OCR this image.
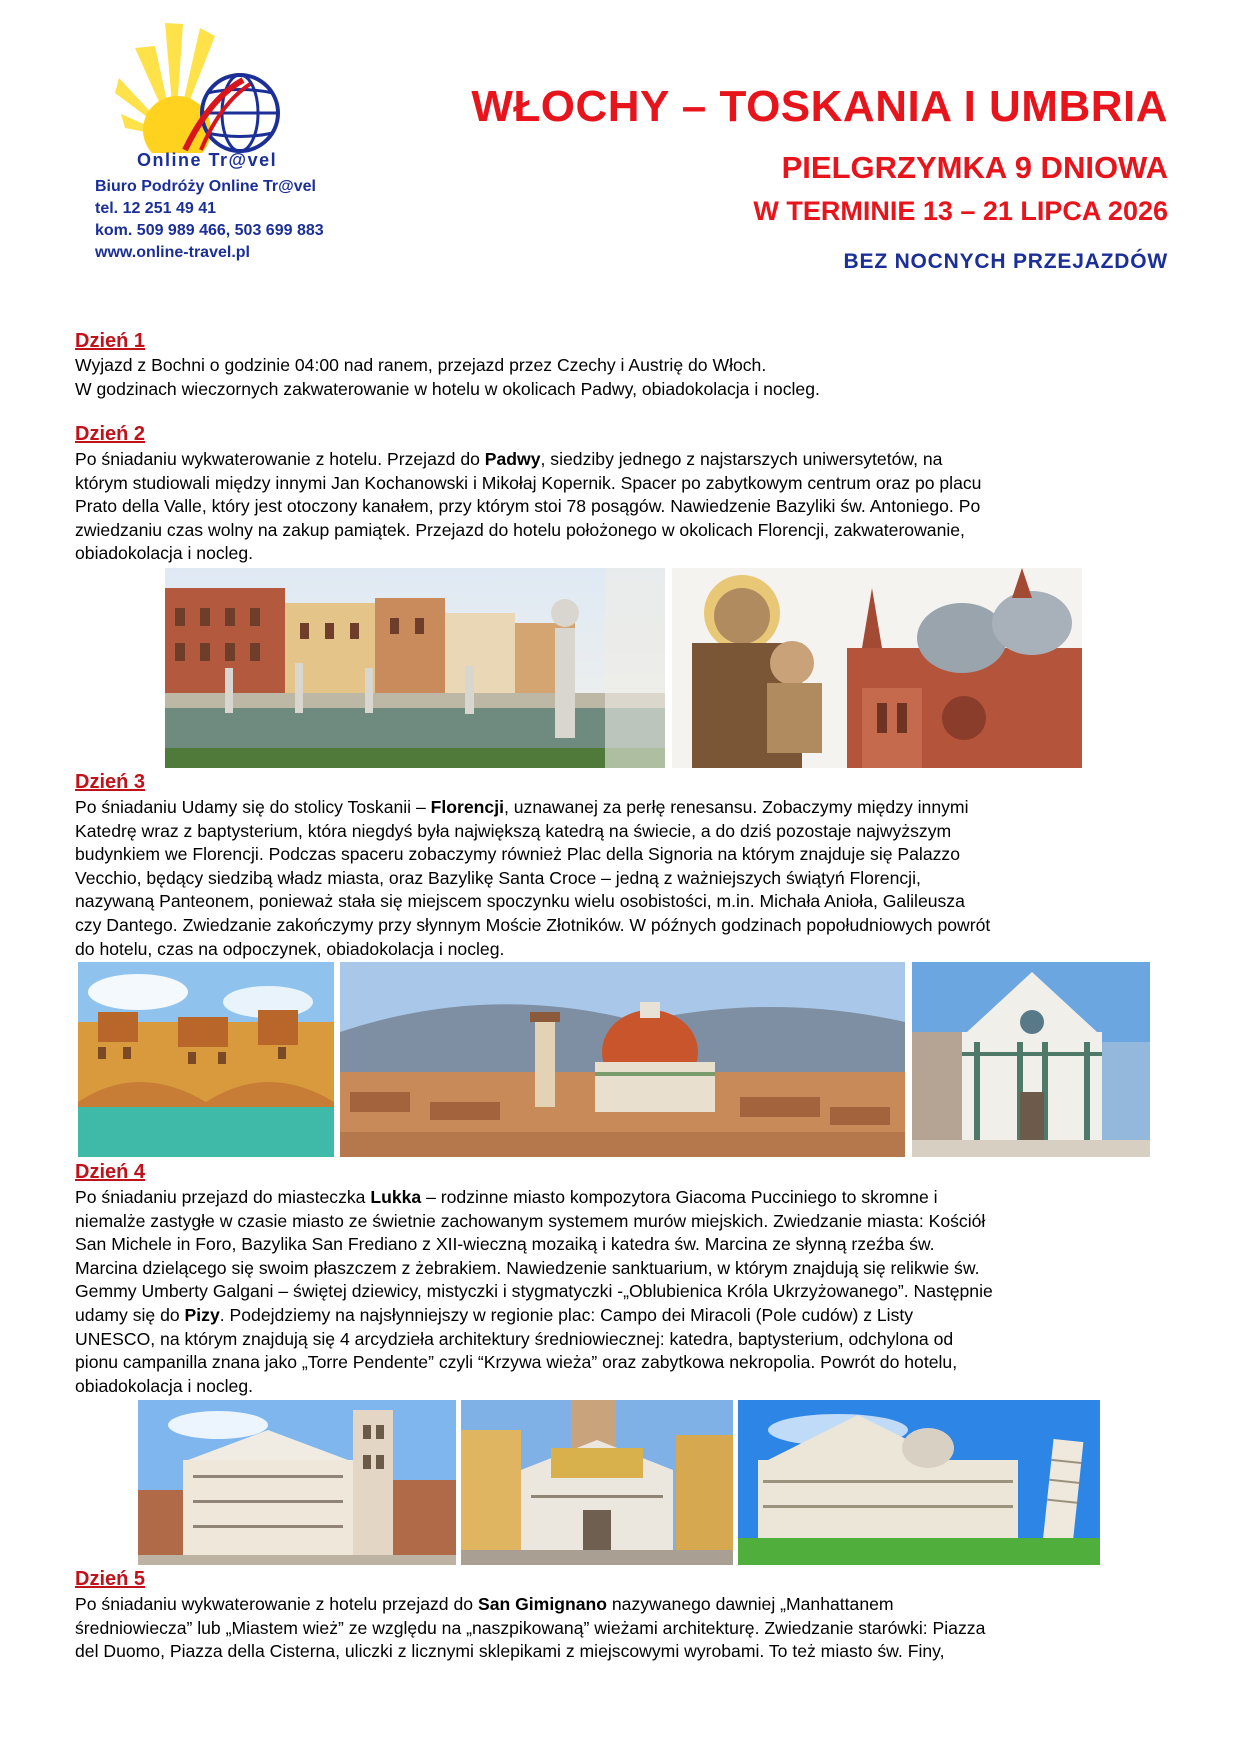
Online Tr@vel
Biuro Podróży Online Tr@vel
tel. 12 251 49 41
kom. 509 989 466, 503 699 883
www.online-travel.pl
WŁOCHY – TOSKANIA I UMBRIA
PIELGRZYMKA 9 DNIOWA
W TERMINIE 13 – 21 LIPCA 2026
BEZ NOCNYCH PRZEJAZDÓW
Dzień 1
Wyjazd z Bochni o godzinie 04:00 nad ranem, przejazd przez Czechy i Austrię do Włoch.
W godzinach wieczornych zakwaterowanie w hotelu w okolicach Padwy, obiadokolacja i nocleg.
Dzień 2
Po śniadaniu wykwaterowanie z hotelu. Przejazd do Padwy, siedziby jednego z najstarszych uniwersytetów, na
którym studiowali między innymi Jan Kochanowski i Mikołaj Kopernik. Spacer po zabytkowym centrum oraz po placu
Prato della Valle, który jest otoczony kanałem, przy którym stoi 78 posągów. Nawiedzenie Bazyliki św. Antoniego. Po
zwiedzaniu czas wolny na zakup pamiątek. Przejazd do hotelu położonego w okolicach Florencji, zakwaterowanie,
obiadokolacja i nocleg.
Dzień 3
Po śniadaniu Udamy się do stolicy Toskanii – Florencji, uznawanej za perłę renesansu. Zobaczymy między innymi
Katedrę wraz z baptysterium, która niegdyś była największą katedrą na świecie, a do dziś pozostaje najwyższym
budynkiem we Florencji. Podczas spaceru zobaczymy również Plac della Signoria na którym znajduje się Palazzo
Vecchio, będący siedzibą władz miasta, oraz Bazylikę Santa Croce – jedną z ważniejszych świątyń Florencji,
nazywaną Panteonem, ponieważ stała się miejscem spoczynku wielu osobistości, m.in. Michała Anioła, Galileusza
czy Dantego. Zwiedzanie zakończymy przy słynnym Moście Złotników. W późnych godzinach popołudniowych powrót
do hotelu, czas na odpoczynek, obiadokolacja i nocleg.
Dzień 4
Po śniadaniu przejazd do miasteczka Lukka – rodzinne miasto kompozytora Giacoma Pucciniego to skromne i
niemalże zastygłe w czasie miasto ze świetnie zachowanym systemem murów miejskich. Zwiedzanie miasta: Kościół
San Michele in Foro, Bazylika San Frediano z XII-wieczną mozaiką i katedra św. Marcina ze słynną rzeźba św.
Marcina dzielącego się swoim płaszczem z żebrakiem. Nawiedzenie sanktuarium, w którym znajdują się relikwie św.
Gemmy Umberty Galgani – świętej dziewicy, mistyczki i stygmatyczki -„Oblubienica Króla Ukrzyżowanego”. Następnie
udamy się do Pizy. Podejdziemy na najsłynniejszy w regionie plac: Campo dei Miracoli (Pole cudów) z Listy
UNESCO, na którym znajdują się 4 arcydzieła architektury średniowiecznej: katedra, baptysterium, odchylona od
pionu campanilla znana jako „Torre Pendente” czyli “Krzywa wieża” oraz zabytkowa nekropolia. Powrót do hotelu,
obiadokolacja i nocleg.
Dzień 5
Po śniadaniu wykwaterowanie z hotelu przejazd do San Gimignano nazywanego dawniej „Manhattanem
średniowiecza” lub „Miastem wież” ze względu na „naszpikowaną” wieżami architekturę. Zwiedzanie starówki: Piazza
del Duomo, Piazza della Cisterna, uliczki z licznymi sklepikami z miejscowymi wyrobami. To też miasto św. Finy,
